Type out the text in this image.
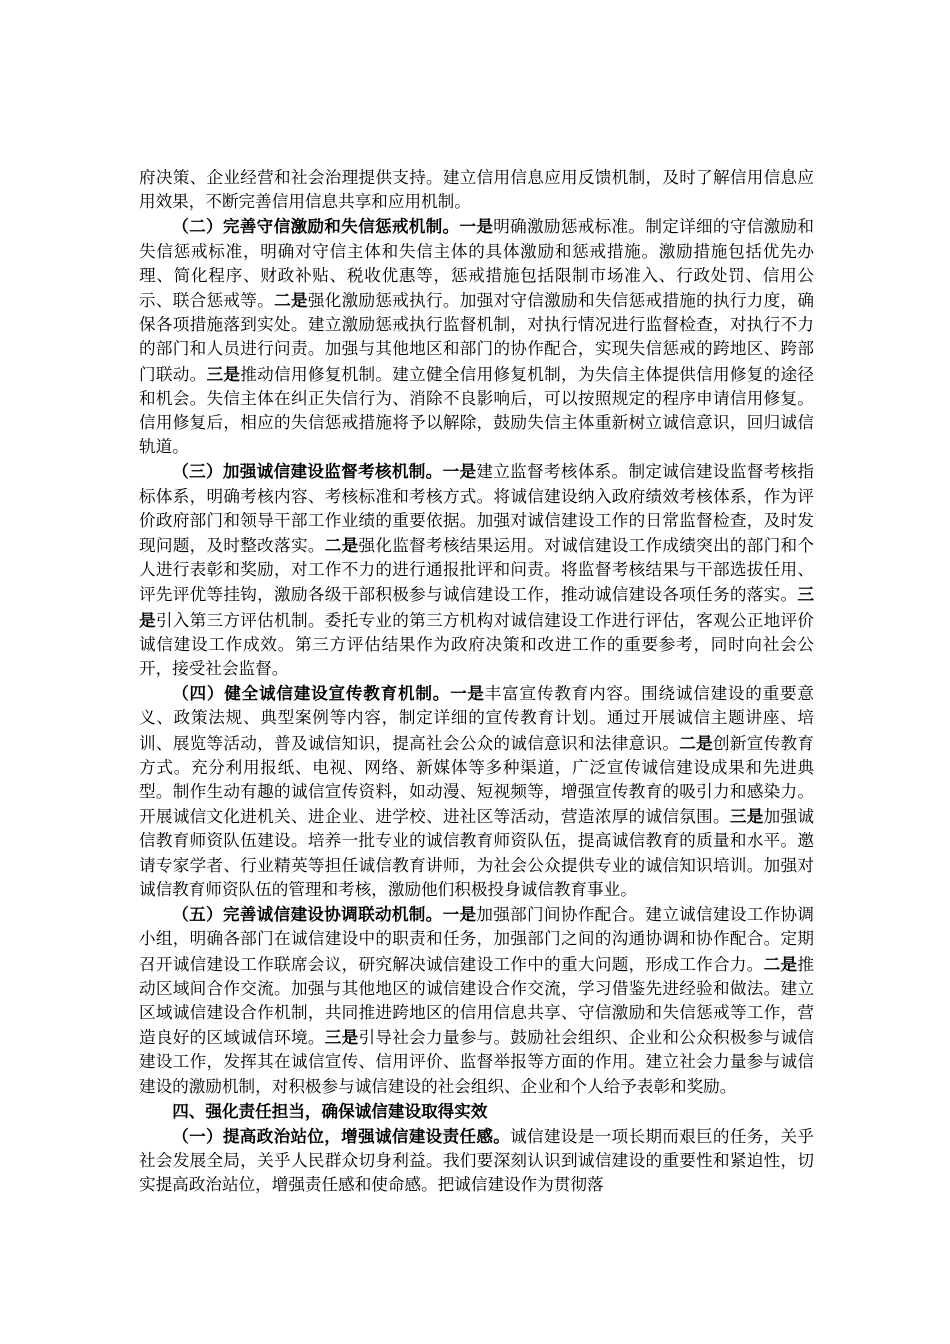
府决策、企业经营和社会治理提供支持。建立信用信息应用反馈机制，及时了解信用信息应用效果，不断完善信用信息共享和应用机制。

（二）完善守信激励和失信惩戒机制。一是明确激励惩戒标准。制定详细的守信激励和失信惩戒标准，明确对守信主体和失信主体的具体激励和惩戒措施。激励措施包括优先办理、简化程序、财政补贴、税收优惠等，惩戒措施包括限制市场准入、行政处罚、信用公示、联合惩戒等。二是强化激励惩戒执行。加强对守信激励和失信惩戒措施的执行力度，确保各项措施落到实处。建立激励惩戒执行监督机制，对执行情况进行监督检查，对执行不力的部门和人员进行问责。加强与其他地区和部门的协作配合，实现失信惩戒的跨地区、跨部门联动。三是推动信用修复机制。建立健全信用修复机制，为失信主体提供信用修复的途径和机会。失信主体在纠正失信行为、消除不良影响后，可以按照规定的程序申请信用修复。信用修复后，相应的失信惩戒措施将予以解除，鼓励失信主体重新树立诚信意识，回归诚信轨道。

（三）加强诚信建设监督考核机制。一是建立监督考核体系。制定诚信建设监督考核指标体系，明确考核内容、考核标准和考核方式。将诚信建设纳入政府绩效考核体系，作为评价政府部门和领导干部工作业绩的重要依据。加强对诚信建设工作的日常监督检查，及时发现问题，及时整改落实。二是强化监督考核结果运用。对诚信建设工作成绩突出的部门和个人进行表彰和奖励，对工作不力的进行通报批评和问责。将监督考核结果与干部选拔任用、评先评优等挂钩，激励各级干部积极参与诚信建设工作，推动诚信建设各项任务的落实。三是引入第三方评估机制。委托专业的第三方机构对诚信建设工作进行评估，客观公正地评价诚信建设工作成效。第三方评估结果作为政府决策和改进工作的重要参考，同时向社会公开，接受社会监督。

（四）健全诚信建设宣传教育机制。一是丰富宣传教育内容。围绕诚信建设的重要意义、政策法规、典型案例等内容，制定详细的宣传教育计划。通过开展诚信主题讲座、培训、展览等活动，普及诚信知识，提高社会公众的诚信意识和法律意识。二是创新宣传教育方式。充分利用报纸、电视、网络、新媒体等多种渠道，广泛宣传诚信建设成果和先进典型。制作生动有趣的诚信宣传资料，如动漫、短视频等，增强宣传教育的吸引力和感染力。开展诚信文化进机关、进企业、进学校、进社区等活动，营造浓厚的诚信氛围。三是加强诚信教育师资队伍建设。培养一批专业的诚信教育师资队伍，提高诚信教育的质量和水平。邀请专家学者、行业精英等担任诚信教育讲师，为社会公众提供专业的诚信知识培训。加强对诚信教育师资队伍的管理和考核，激励他们积极投身诚信教育事业。

（五）完善诚信建设协调联动机制。一是加强部门间协作配合。建立诚信建设工作协调小组，明确各部门在诚信建设中的职责和任务，加强部门之间的沟通协调和协作配合。定期召开诚信建设工作联席会议，研究解决诚信建设工作中的重大问题，形成工作合力。二是推动区域间合作交流。加强与其他地区的诚信建设合作交流，学习借鉴先进经验和做法。建立区域诚信建设合作机制，共同推进跨地区的信用信息共享、守信激励和失信惩戒等工作，营造良好的区域诚信环境。三是引导社会力量参与。鼓励社会组织、企业和公众积极参与诚信建设工作，发挥其在诚信宣传、信用评价、监督举报等方面的作用。建立社会力量参与诚信建设的激励机制，对积极参与诚信建设的社会组织、企业和个人给予表彰和奖励。

四、强化责任担当，确保诚信建设取得实效

（一）提高政治站位，增强诚信建设责任感。诚信建设是一项长期而艰巨的任务，关乎社会发展全局，关乎人民群众切身利益。我们要深刻认识到诚信建设的重要性和紧迫性，切实提高政治站位，增强责任感和使命感。把诚信建设作为贯彻落
